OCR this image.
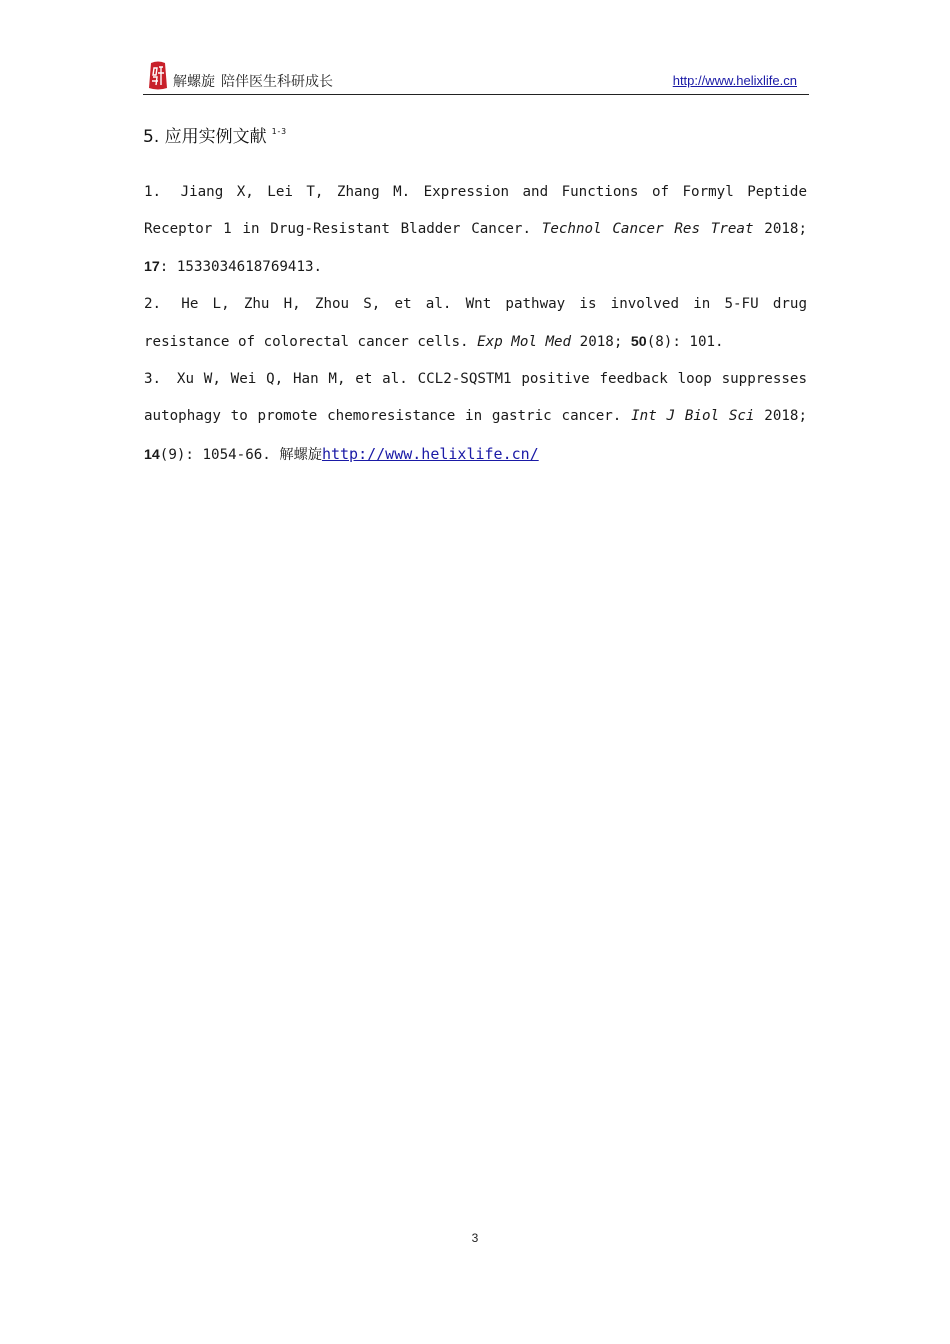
解螺旋 陪伴医生科研成长	http://www.helixlife.cn
5. 应用实例文献 $^{1-3}$

1. Jiang X, Lei T, Zhang M. Expression and Functions of Formyl Peptide Receptor 1 in Drug-Resistant Bladder Cancer. Technol Cancer Res Treat 2018; 17: 1533034618769413.

2. He L, Zhu H, Zhou S, et al. Wnt pathway is involved in 5-FU drug resistance of colorectal cancer cells. Exp Mol Med 2018; 50(8): 101.

3. Xu W, Wei Q, Han M, et al. CCL2-SQSTM1 positive feedback loop suppresses autophagy to promote chemoresistance in gastric cancer. Int J Biol Sci 2018; 14(9): 1054-66. 解螺旋http://www.helixlife.cn/

3
